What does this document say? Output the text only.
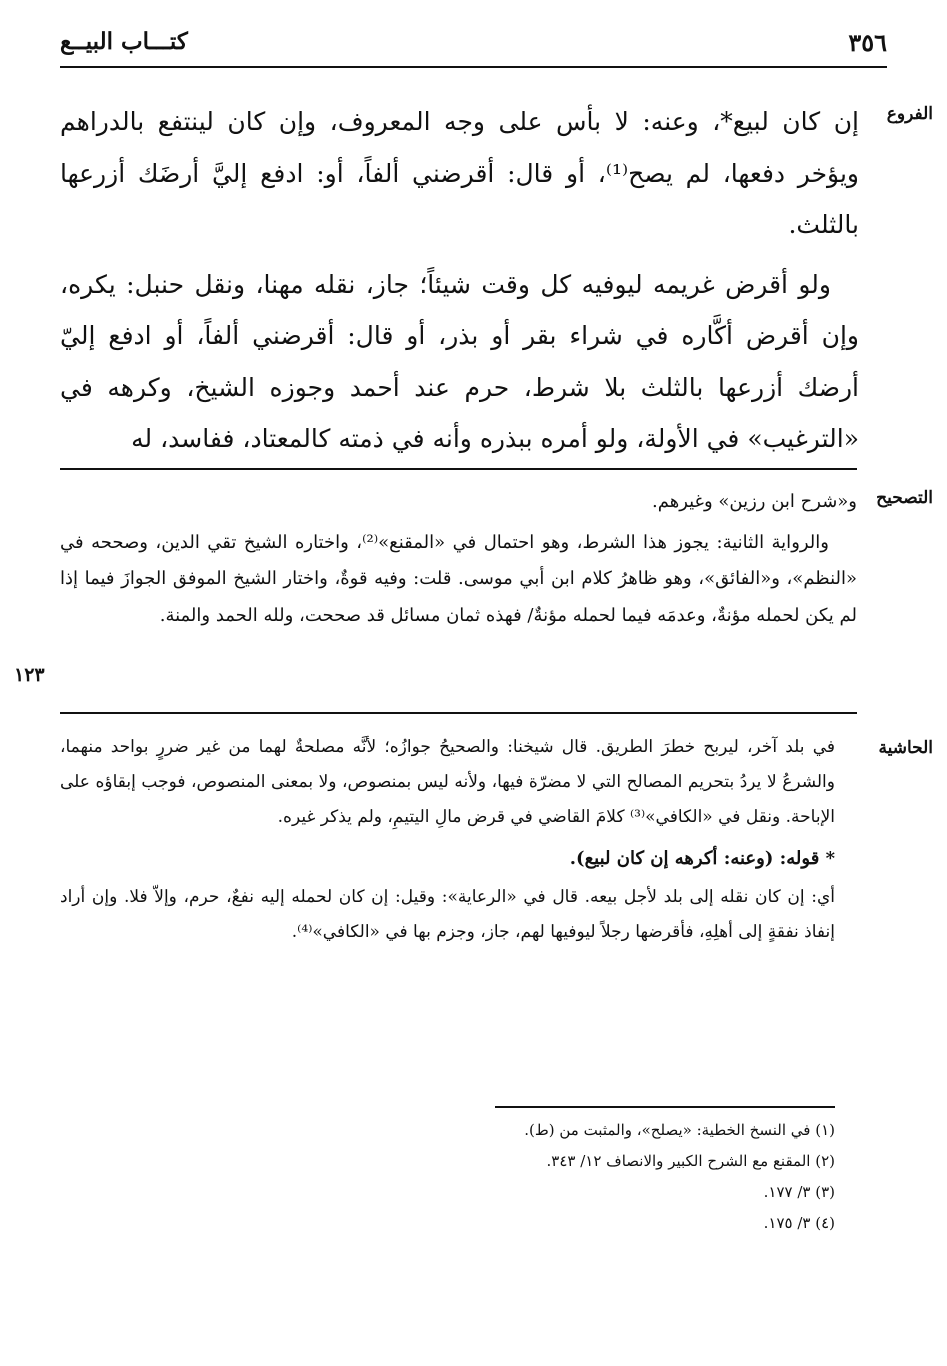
٣٥٦
كتـــاب البيــع
الفروع

إن كان لبيع*، وعنه: لا بأس على وجه المعروف، وإن كان لينتفع بالدراهم ويؤخر دفعها، لم يصح⁽¹⁾، أو قال: أقرضني ألفاً، أو: ادفع إليَّ أرضَك أزرعها بالثلث.

ولو أقرض غريمه ليوفيه كل وقت شيئاً؛ جاز، نقله مهنا، ونقل حنبل: يكره، وإن أقرض أكَّاره في شراء بقر أو بذر، أو قال: أقرضني ألفاً، أو ادفع إليّ أرضك أزرعها بالثلث بلا شرط، حرم عند أحمد وجوزه الشيخ، وكرهه في «الترغيب» في الأولة، ولو أمره ببذره وأنه في ذمته كالمعتاد، ففاسد، له

التصحيح

و«شرح ابن رزين» وغيرهم.

والرواية الثانية: يجوز هذا الشرط، وهو احتمال في «المقنع»⁽²⁾، واختاره الشيخ تقي الدين، وصححه في «النظم»، و«الفائق»، وهو ظاهرُ كلام ابن أبي موسى. قلت: وفيه قوةٌ، واختار الشيخ الموفق الجوازَ فيما إذا لم يكن لحمله مؤنةٌ، وعدمَه فيما لحمله مؤنةٌ/ فهذه ثمان مسائل قد صححت، ولله الحمد والمنة.

١٢٣
الحاشية

في بلد آخر، ليربح خطرَ الطريق. قال شيخنا: والصحيحُ جوازُه؛ لأنَّه مصلحةٌ لهما من غير ضررٍ بواحد منهما، والشرعُ لا يردُ بتحريم المصالح التي لا مضرّة فيها، ولأنه ليس بمنصوص، ولا بمعنى المنصوص، فوجب إبقاؤه على الإباحة. ونقل في «الكافي»⁽³⁾ كلامَ القاضي في قرض مالِ اليتيمِ، ولم يذكر غيره.

* قوله: (وعنه: أكرهه إن كان لبيع).

أي: إن كان نقله إلى بلد لأجل بيعه. قال في «الرعاية»: وقيل: إن كان لحمله إليه نفعٌ، حرم، وإلاّ فلا. وإن أراد إنفاذ نفقةٍ إلى أهلِهِ، فأقرضها رجلاً ليوفيها لهم، جاز، وجزم بها في «الكافي»⁽⁴⁾.

(١) في النسخ الخطية: «يصلح»، والمثبت من (ط).
(٢) المقنع مع الشرح الكبير والانصاف ١٢/ ٣٤٣.
(٣) ٣/ ١٧٧.
(٤) ٣/ ١٧٥.
